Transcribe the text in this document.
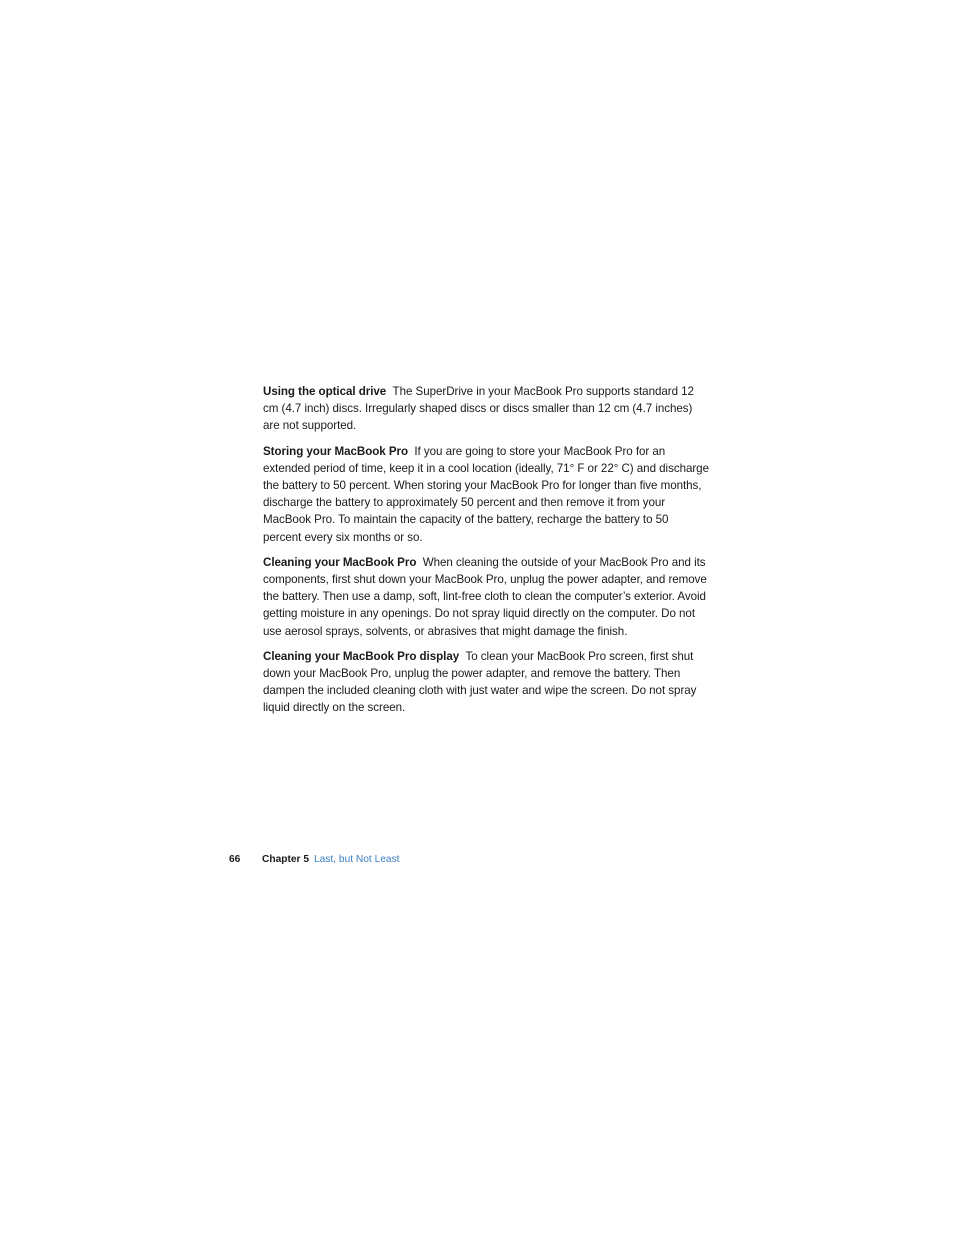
Using the optical drive The SuperDrive in your MacBook Pro supports standard 12 cm (4.7 inch) discs. Irregularly shaped discs or discs smaller than 12 cm (4.7 inches) are not supported.

Storing your MacBook Pro If you are going to store your MacBook Pro for an extended period of time, keep it in a cool location (ideally, 71° F or 22° C) and discharge the battery to 50 percent. When storing your MacBook Pro for longer than five months, discharge the battery to approximately 50 percent and then remove it from your MacBook Pro. To maintain the capacity of the battery, recharge the battery to 50 percent every six months or so.

Cleaning your MacBook Pro When cleaning the outside of your MacBook Pro and its components, first shut down your MacBook Pro, unplug the power adapter, and remove the battery. Then use a damp, soft, lint-free cloth to clean the computer’s exterior. Avoid getting moisture in any openings. Do not spray liquid directly on the computer. Do not use aerosol sprays, solvents, or abrasives that might damage the finish.

Cleaning your MacBook Pro display To clean your MacBook Pro screen, first shut down your MacBook Pro, unplug the power adapter, and remove the battery. Then dampen the included cleaning cloth with just water and wipe the screen. Do not spray liquid directly on the screen.

66 Chapter 5 Last, but Not Least
